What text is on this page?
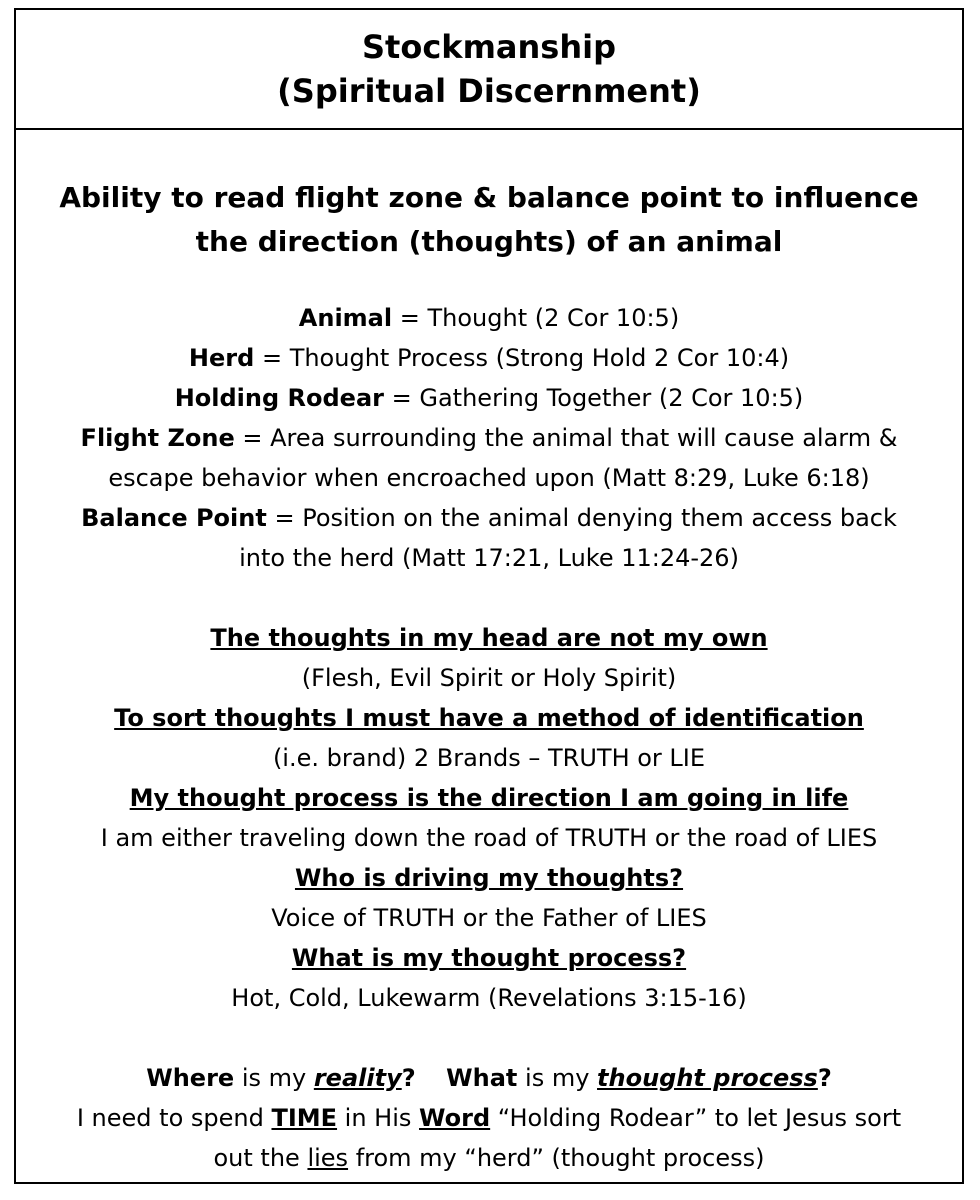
Stockmanship
(Spiritual Discernment)
Ability to read flight zone & balance point to influence
the direction (thoughts) of an animal
Animal = Thought (2 Cor 10:5)
Herd = Thought Process (Strong Hold 2 Cor 10:4)
Holding Rodear = Gathering Together (2 Cor 10:5)
Flight Zone = Area surrounding the animal that will cause alarm &
escape behavior when encroached upon (Matt 8:29, Luke 6:18)
Balance Point = Position on the animal denying them access back
into the herd (Matt 17:21, Luke 11:24-26)
The thoughts in my head are not my own
(Flesh, Evil Spirit or Holy Spirit)
To sort thoughts I must have a method of identification
(i.e. brand) 2 Brands – TRUTH or LIE
My thought process is the direction I am going in life
I am either traveling down the road of TRUTH or the road of LIES
Who is driving my thoughts?
Voice of TRUTH or the Father of LIES
What is my thought process?
Hot, Cold, Lukewarm (Revelations 3:15-16)
Where is my reality? What is my thought process?
I need to spend TIME in His Word “Holding Rodear” to let Jesus sort
out the lies from my “herd” (thought process)
